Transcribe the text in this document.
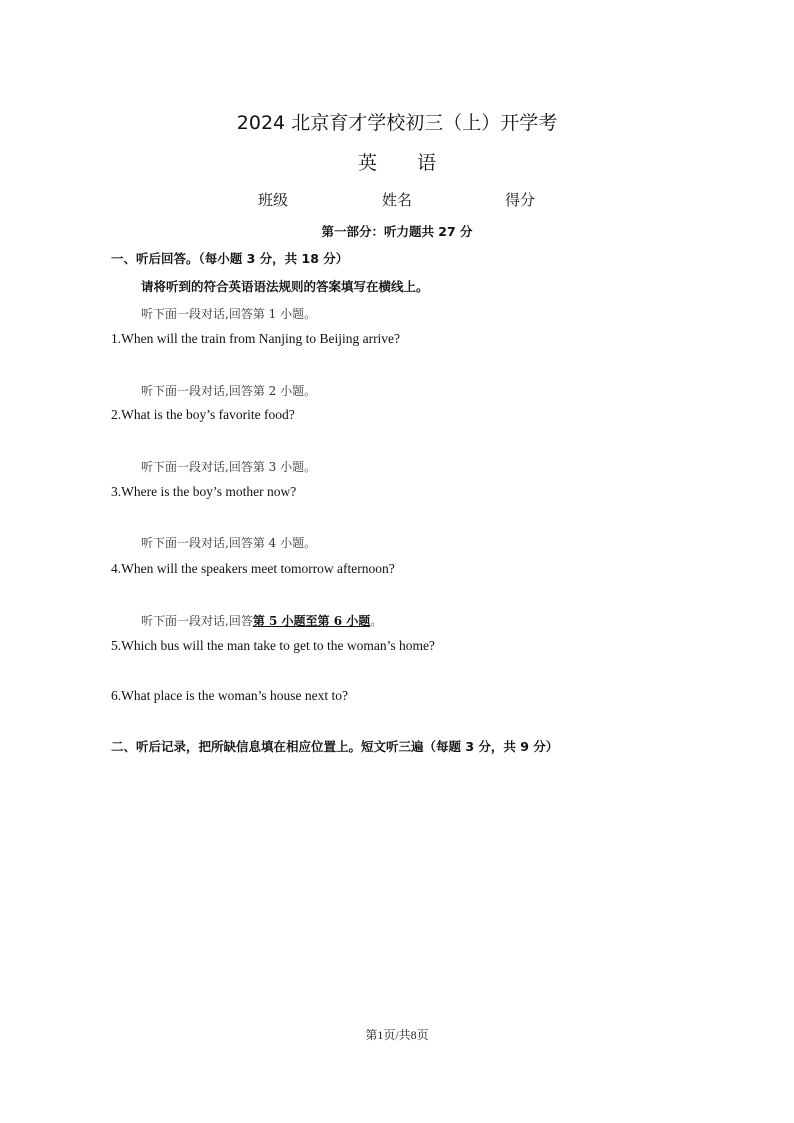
2024 北京育才学校初三（上）开学考
英 语
班级	姓名	得分
第一部分：听力题共 27 分
一、听后回答。（每小题 3 分，共 18 分）
请将听到的符合英语语法规则的答案填写在横线上。
听下面一段对话,回答第 1 小题。
1.When will the train from Nanjing to Beijing arrive?
听下面一段对话,回答第 2 小题。
2.What is the boy’s favorite food?
听下面一段对话,回答第 3 小题。
3.Where is the boy’s mother now?
听下面一段对话,回答第 4 小题。
4.When will the speakers meet tomorrow afternoon?
听下面一段对话,回答第 5 小题至第 6 小题。
5.Which bus will the man take to get to the woman’s home?
6.What place is the woman’s house next to?
二、听后记录，把所缺信息填在相应位置上。短文听三遍（每题 3 分，共 9 分）
第1页/共8页
